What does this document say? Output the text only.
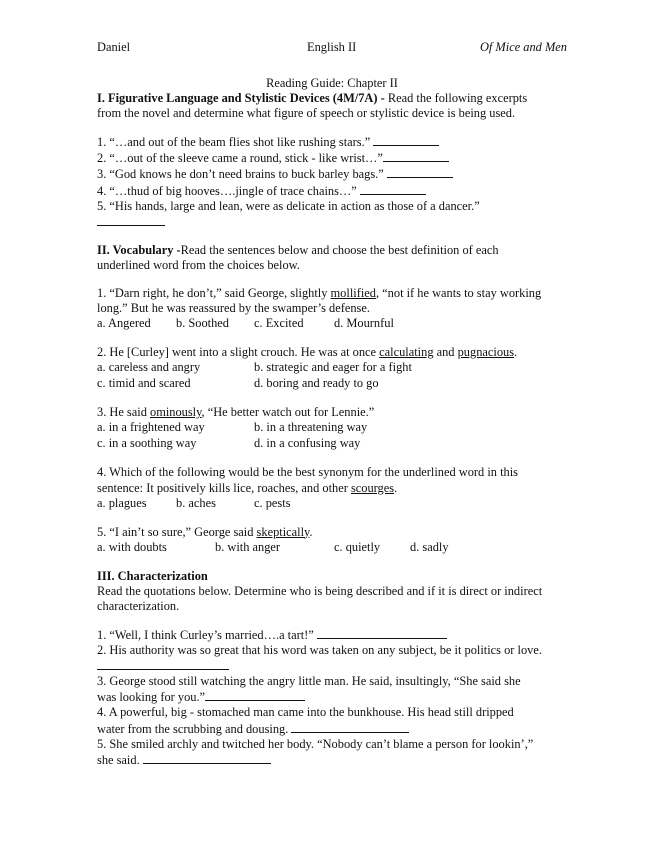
Daniel	English II	Of Mice and Men
Reading Guide: Chapter II
I. Figurative Language and Stylistic Devices (4M/7A) - Read the following excerpts
from the novel and determine what figure of speech or stylistic device is being used.
1. “…and out of the beam flies shot like rushing stars.”
2. “…out of the sleeve came a round, stick - like wrist…”
3. “God knows he don’t need brains to buck barley bags.”
4. “…thud of big hooves….jingle of trace chains…”
5. “His hands, large and lean, were as delicate in action as those of a dancer.”
II. Vocabulary -Read the sentences below and choose the best definition of each
underlined word from the choices below.
1. “Darn right, he don’t,” said George, slightly mollified, “not if he wants to stay working
long.” But he was reassured by the swamper’s defense.
a. Angered b. Soothed c. Excited d. Mournful
2. He [Curley] went into a slight crouch. He was at once calculating and pugnacious.
a. careless and angry	b. strategic and eager for a fight
c. timid and scared	d. boring and ready to go
3. He said ominously, “He better watch out for Lennie.”
a. in a frightened way	b. in a threatening way
c. in a soothing way	d. in a confusing way
4. Which of the following would be the best synonym for the underlined word in this
sentence: It positively kills lice, roaches, and other scourges.
a. plagues b. aches	c. pests
5. “I ain’t so sure,” George said skeptically.
a. with doubts	b. with anger	c. quietly d. sadly
III. Characterization
Read the quotations below. Determine who is being described and if it is direct or indirect
characterization.
1. “Well, I think Curley’s married….a tart!”
2. His authority was so great that his word was taken on any subject, be it politics or love.
3. George stood still watching the angry little man. He said, insultingly, “She said she
was looking for you.”
4. A powerful, big - stomached man came into the bunkhouse. His head still dripped
water from the scrubbing and dousing.
5. She smiled archly and twitched her body. “Nobody can’t blame a person for lookin’,”
she said.
